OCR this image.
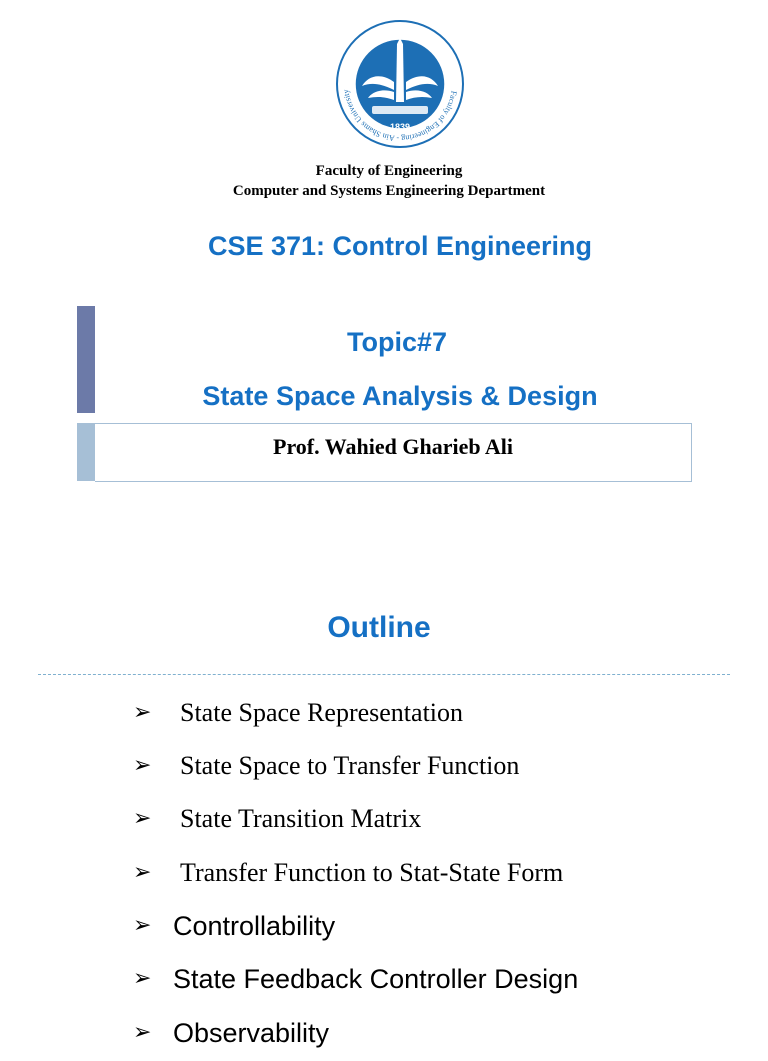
Faculty of Engineering - Ain Shams University
1839
Faculty of Engineering
Computer and Systems Engineering Department
CSE 371: Control Engineering
Topic#7
State Space Analysis & Design
Prof. Wahied Gharieb Ali
Outline
➢ State Space Representation
➢ State Space to Transfer Function
➢ State Transition Matrix
➢ Transfer Function to Stat-State Form
➢ Controllability
➢ State Feedback Controller Design
➢ Observability
